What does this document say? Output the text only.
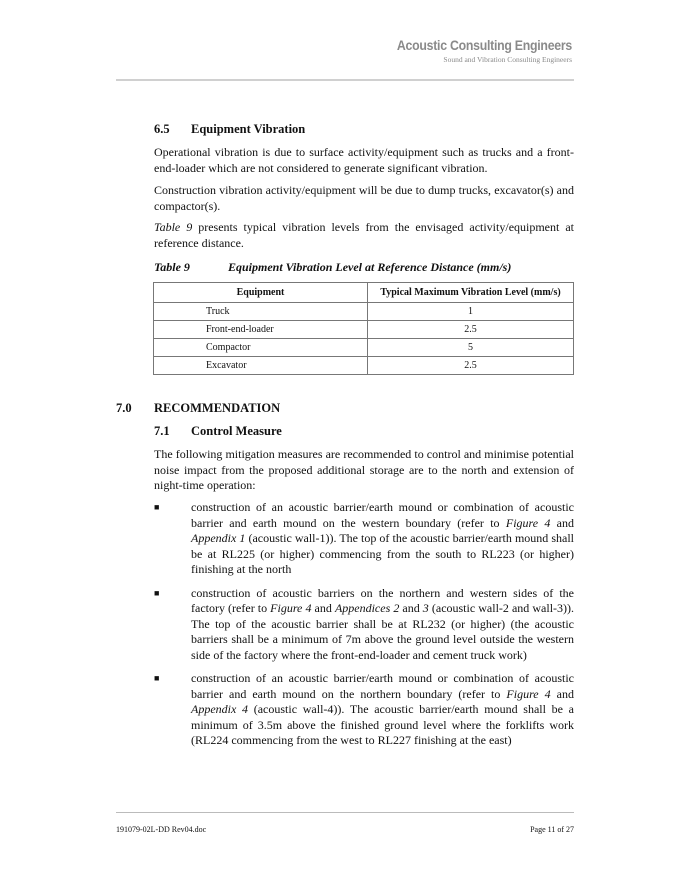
Acoustic Consulting Engineers
Sound and Vibration Consulting Engineers
6.5 Equipment Vibration

Operational vibration is due to surface activity/equipment such as trucks and a front-end-loader which are not considered to generate significant vibration.

Construction vibration activity/equipment will be due to dump trucks, excavator(s) and compactor(s).

Table 9 presents typical vibration levels from the envisaged activity/equipment at reference distance.

Table 9	Equipment Vibration Level at Reference Distance (mm/s)
Equipment	Typical Maximum Vibration Level (mm/s)
Truck	1
Front-end-loader	2.5
Compactor	5
Excavator	2.5
7.0 RECOMMENDATION
7.1 Control Measure

The following mitigation measures are recommended to control and minimise potential noise impact from the proposed additional storage are to the north and extension of night-time operation:

■	construction of an acoustic barrier/earth mound or combination of acoustic barrier and earth mound on the western boundary (refer to Figure 4 and Appendix 1 (acoustic wall-1)). The top of the acoustic barrier/earth mound shall be at RL225 (or higher) commencing from the south to RL223 (or higher) finishing at the north
■	construction of acoustic barriers on the northern and western sides of the factory (refer to Figure 4 and Appendices 2 and 3 (acoustic wall-2 and wall-3)). The top of the acoustic barrier shall be at RL232 (or higher) (the acoustic barriers shall be a minimum of 7m above the ground level outside the western side of the factory where the front-end-loader and cement truck work)
■	construction of an acoustic barrier/earth mound or combination of acoustic barrier and earth mound on the northern boundary (refer to Figure 4 and Appendix 4 (acoustic wall-4)). The acoustic barrier/earth mound shall be a minimum of 3.5m above the finished ground level where the forklifts work (RL224 commencing from the west to RL227 finishing at the east)
191079-02L-DD Rev04.doc	Page 11 of 27
